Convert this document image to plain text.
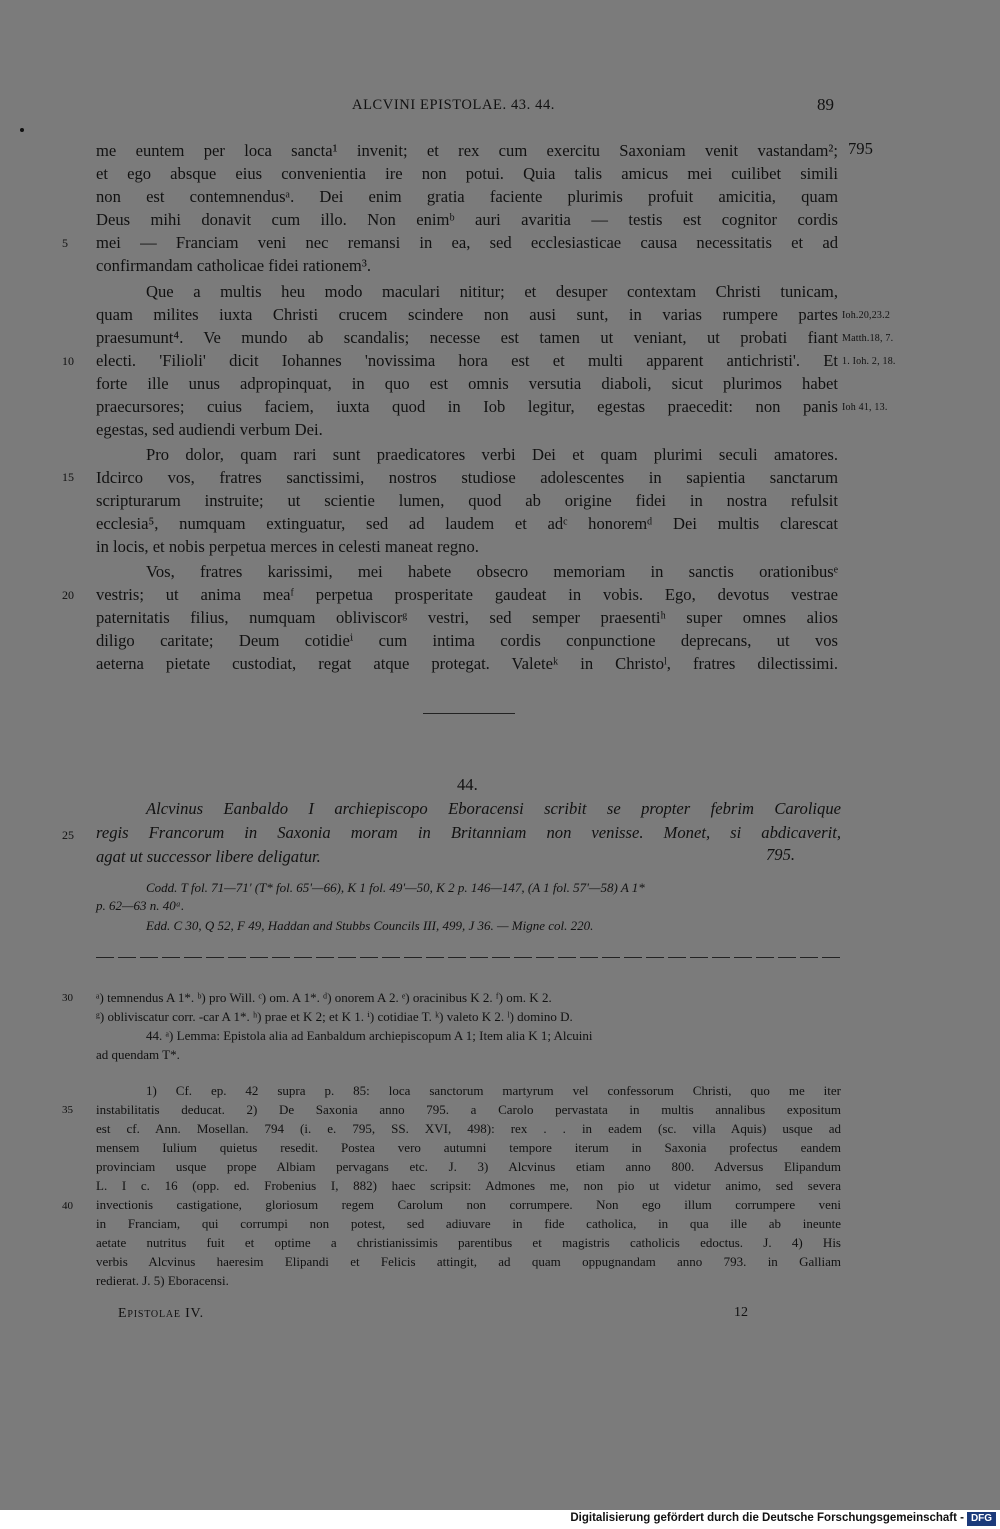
ALCVINI EPISTOLAE. 43. 44.	89
me euntem per loca sancta¹ invenit; et rex cum exercitu Saxoniam venit vastandam²;
et ego absque eius convenientia ire non potui. Quia talis amicus mei cuilibet simili
non est contemnendusᵃ. Dei enim gratia faciente plurimis profuit amicitia, quam
Deus mihi donavit cum illo. Non enimᵇ auri avaritia — testis est cognitor cordis
mei — Franciam veni nec remansi in ea, sed ecclesiasticae causa necessitatis et ad
confirmandam catholicae fidei rationem³.
Que a multis heu modo maculari nititur; et desuper contextam Christi tunicam,
quam milites iuxta Christi crucem scindere non ausi sunt, in varias rumpere partes
praesumunt⁴. Ve mundo ab scandalis; necesse est tamen ut veniant, ut probati fiant
electi. 'Filioli' dicit Iohannes 'novissima hora est et multi apparent antichristi'. Et
forte ille unus adpropinquat, in quo est omnis versutia diaboli, sicut plurimos habet
praecursores; cuius faciem, iuxta quod in Iob legitur, egestas praecedit: non panis
egestas, sed audiendi verbum Dei.
Pro dolor, quam rari sunt praedicatores verbi Dei et quam plurimi seculi amatores.
Idcirco vos, fratres sanctissimi, nostros studiose adolescentes in sapientia sanctarum
scripturarum instruite; ut scientie lumen, quod ab origine fidei in nostra refulsit
ecclesia⁵, numquam extinguatur, sed ad laudem et adᶜ honoremᵈ Dei multis clarescat
in locis, et nobis perpetua merces in celesti maneat regno.
Vos, fratres karissimi, mei habete obsecro memoriam in sanctis orationibusᵉ
vestris; ut anima meaᶠ perpetua prosperitate gaudeat in vobis. Ego, devotus vestrae
paternitatis filius, numquam obliviscorᵍ vestri, sed semper praesentiʰ super omnes alios
diligo caritate; Deum cotidieⁱ cum intima cordis conpunctione deprecans, ut vos
aeterna pietate custodiat, regat atque protegat. Valeteᵏ in Christoˡ, fratres dilectissimi.
5
10
15
20
795
Ioh.20,23.2
Matth.18, 7.
1. Ioh. 2, 18.
Ioh 41, 13.
44.
Alcvinus Eanbaldo I archiepiscopo Eboracensi scribit se propter febrim Carolique
regis Francorum in Saxonia moram in Britanniam non venisse. Monet, si abdicaverit,
agat ut successor libere deligatur.	795.
25
Codd. T fol. 71—71' (T* fol. 65'—66), K 1 fol. 49'—50, K 2 p. 146—147, (A 1 fol. 57'—58) A 1*
p. 62—63 n. 40ᵃ.
Edd. C 30, Q 52, F 49, Haddan and Stubbs Councils III, 499, J 36. — Migne col. 220.
ᵃ) temnendus A 1*. ᵇ) pro Will. ᶜ) om. A 1*. ᵈ) onorem A 2. ᵉ) oracinibus K 2. ᶠ) om. K 2.
ᵍ) obliviscatur corr. -car A 1*. ʰ) prae et K 2; et K 1. ⁱ) cotidiae T. ᵏ) valeto K 2. ˡ) domino D.
44. ᵃ) Lemma: Epistola alia ad Eanbaldum archiepiscopum A 1; Item alia K 1; Alcuini
ad quendam T*.
30
1) Cf. ep. 42 supra p. 85: loca sanctorum martyrum vel confessorum Christi, quo me iter
instabilitatis deducat. 2) De Saxonia anno 795. a Carolo pervastata in multis annalibus expositum
est cf. Ann. Mosellan. 794 (i. e. 795, SS. XVI, 498): rex . . in eadem (sc. villa Aquis) usque ad
mensem Iulium quietus resedit. Postea vero autumni tempore iterum in Saxonia profectus eandem
provinciam usque prope Albiam pervagans etc. J. 3) Alcvinus etiam anno 800. Adversus Elipandum
L. I c. 16 (opp. ed. Frobenius I, 882) haec scripsit: Admones me, non pio ut videtur animo, sed severa
invectionis castigatione, gloriosum regem Carolum non corrumpere. Non ego illum corrumpere veni
in Franciam, qui corrumpi non potest, sed adiuvare in fide catholica, in qua ille ab ineunte
aetate nutritus fuit et optime a christianissimis parentibus et magistris catholicis edoctus. J. 4) His
verbis Alcvinus haeresim Elipandi et Felicis attingit, ad quam oppugnandam anno 793. in Galliam
redierat. J. 5) Eboracensi.
35
40
Epistolae IV.	12
Digitalisierung gefördert durch die Deutsche Forschungsgemeinschaft - DFG
